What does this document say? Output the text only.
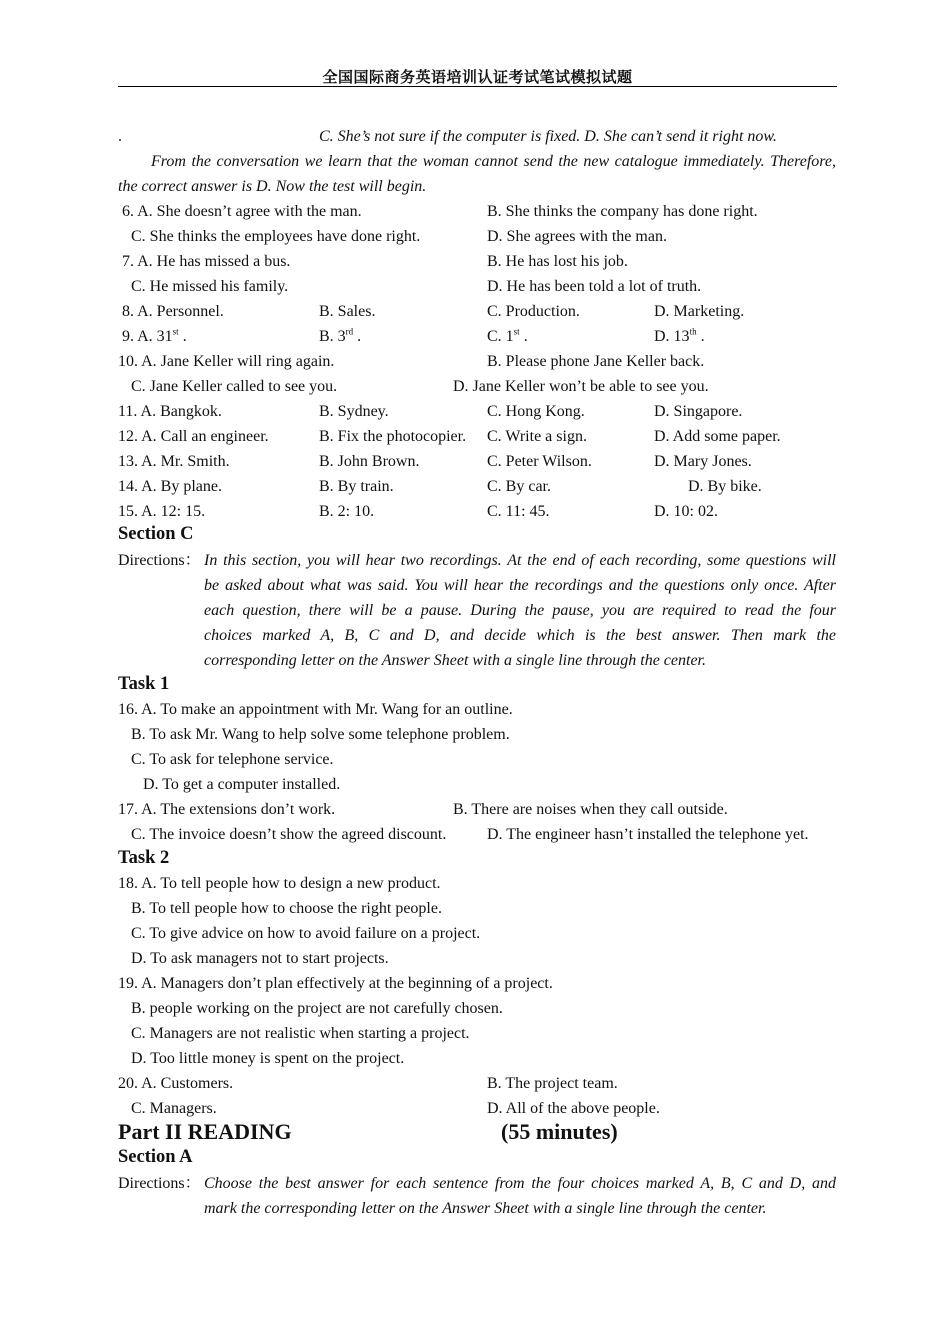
全国国际商务英语培训认证考试笔试模拟试题
.	C. She’s not sure if the computer is fixed. D. She can’t send it right now.
From the conversation we learn that the woman cannot send the new catalogue immediately. Therefore, the correct answer is D. Now the test will begin.
6. A. She doesn’t agree with the man.	B. She thinks the company has done right.
C. She thinks the employees have done right.	D. She agrees with the man.
7. A. He has missed a bus.	B. He has lost his job.
C. He missed his family.	D. He has been told a lot of truth.
8. A. Personnel.	B. Sales.	C. Production.	D. Marketing.
9. A. 31st .	B. 3rd .	C. 1st .	D. 13th .
10. A. Jane Keller will ring again.	B. Please phone Jane Keller back.
C. Jane Keller called to see you.	D. Jane Keller won’t be able to see you.
11. A. Bangkok.	B. Sydney.	C. Hong Kong.	D. Singapore.
12. A. Call an engineer.	B. Fix the photocopier. C. Write a sign.	D. Add some paper.
13. A. Mr. Smith.	B. John Brown.	C. Peter Wilson.	D. Mary Jones.
14. A. By plane.	B. By train.	C. By car.	D. By bike.
15. A. 12: 15.	B. 2: 10.	C. 11: 45.	D. 10: 02.
Section C
Directions： In this section, you will hear two recordings. At the end of each recording, some questions will
be asked about what was said. You will hear the recordings and the questions only once. After
each question, there will be a pause. During the pause, you are required to read the four
choices marked A, B, C and D, and decide which is the best answer. Then mark the
corresponding letter on the Answer Sheet with a single line through the center.
Task 1
16. A. To make an appointment with Mr. Wang for an outline.
B. To ask Mr. Wang to help solve some telephone problem.
C. To ask for telephone service.
D. To get a computer installed.
17. A. The extensions don’t work.	B. There are noises when they call outside.
C. The invoice doesn’t show the agreed discount.	D. The engineer hasn’t installed the telephone yet.
Task 2
18. A. To tell people how to design a new product.
B. To tell people how to choose the right people.
C. To give advice on how to avoid failure on a project.
D. To ask managers not to start projects.
19. A. Managers don’t plan effectively at the beginning of a project.
B. people working on the project are not carefully chosen.
C. Managers are not realistic when starting a project.
D. Too little money is spent on the project.
20. A. Customers.	B. The project team.
C. Managers.	D. All of the above people.
Part II READING	(55 minutes)
Section A
Directions： Choose the best answer for each sentence from the four choices marked A, B, C and D, and
mark the corresponding letter on the Answer Sheet with a single line through the center.
